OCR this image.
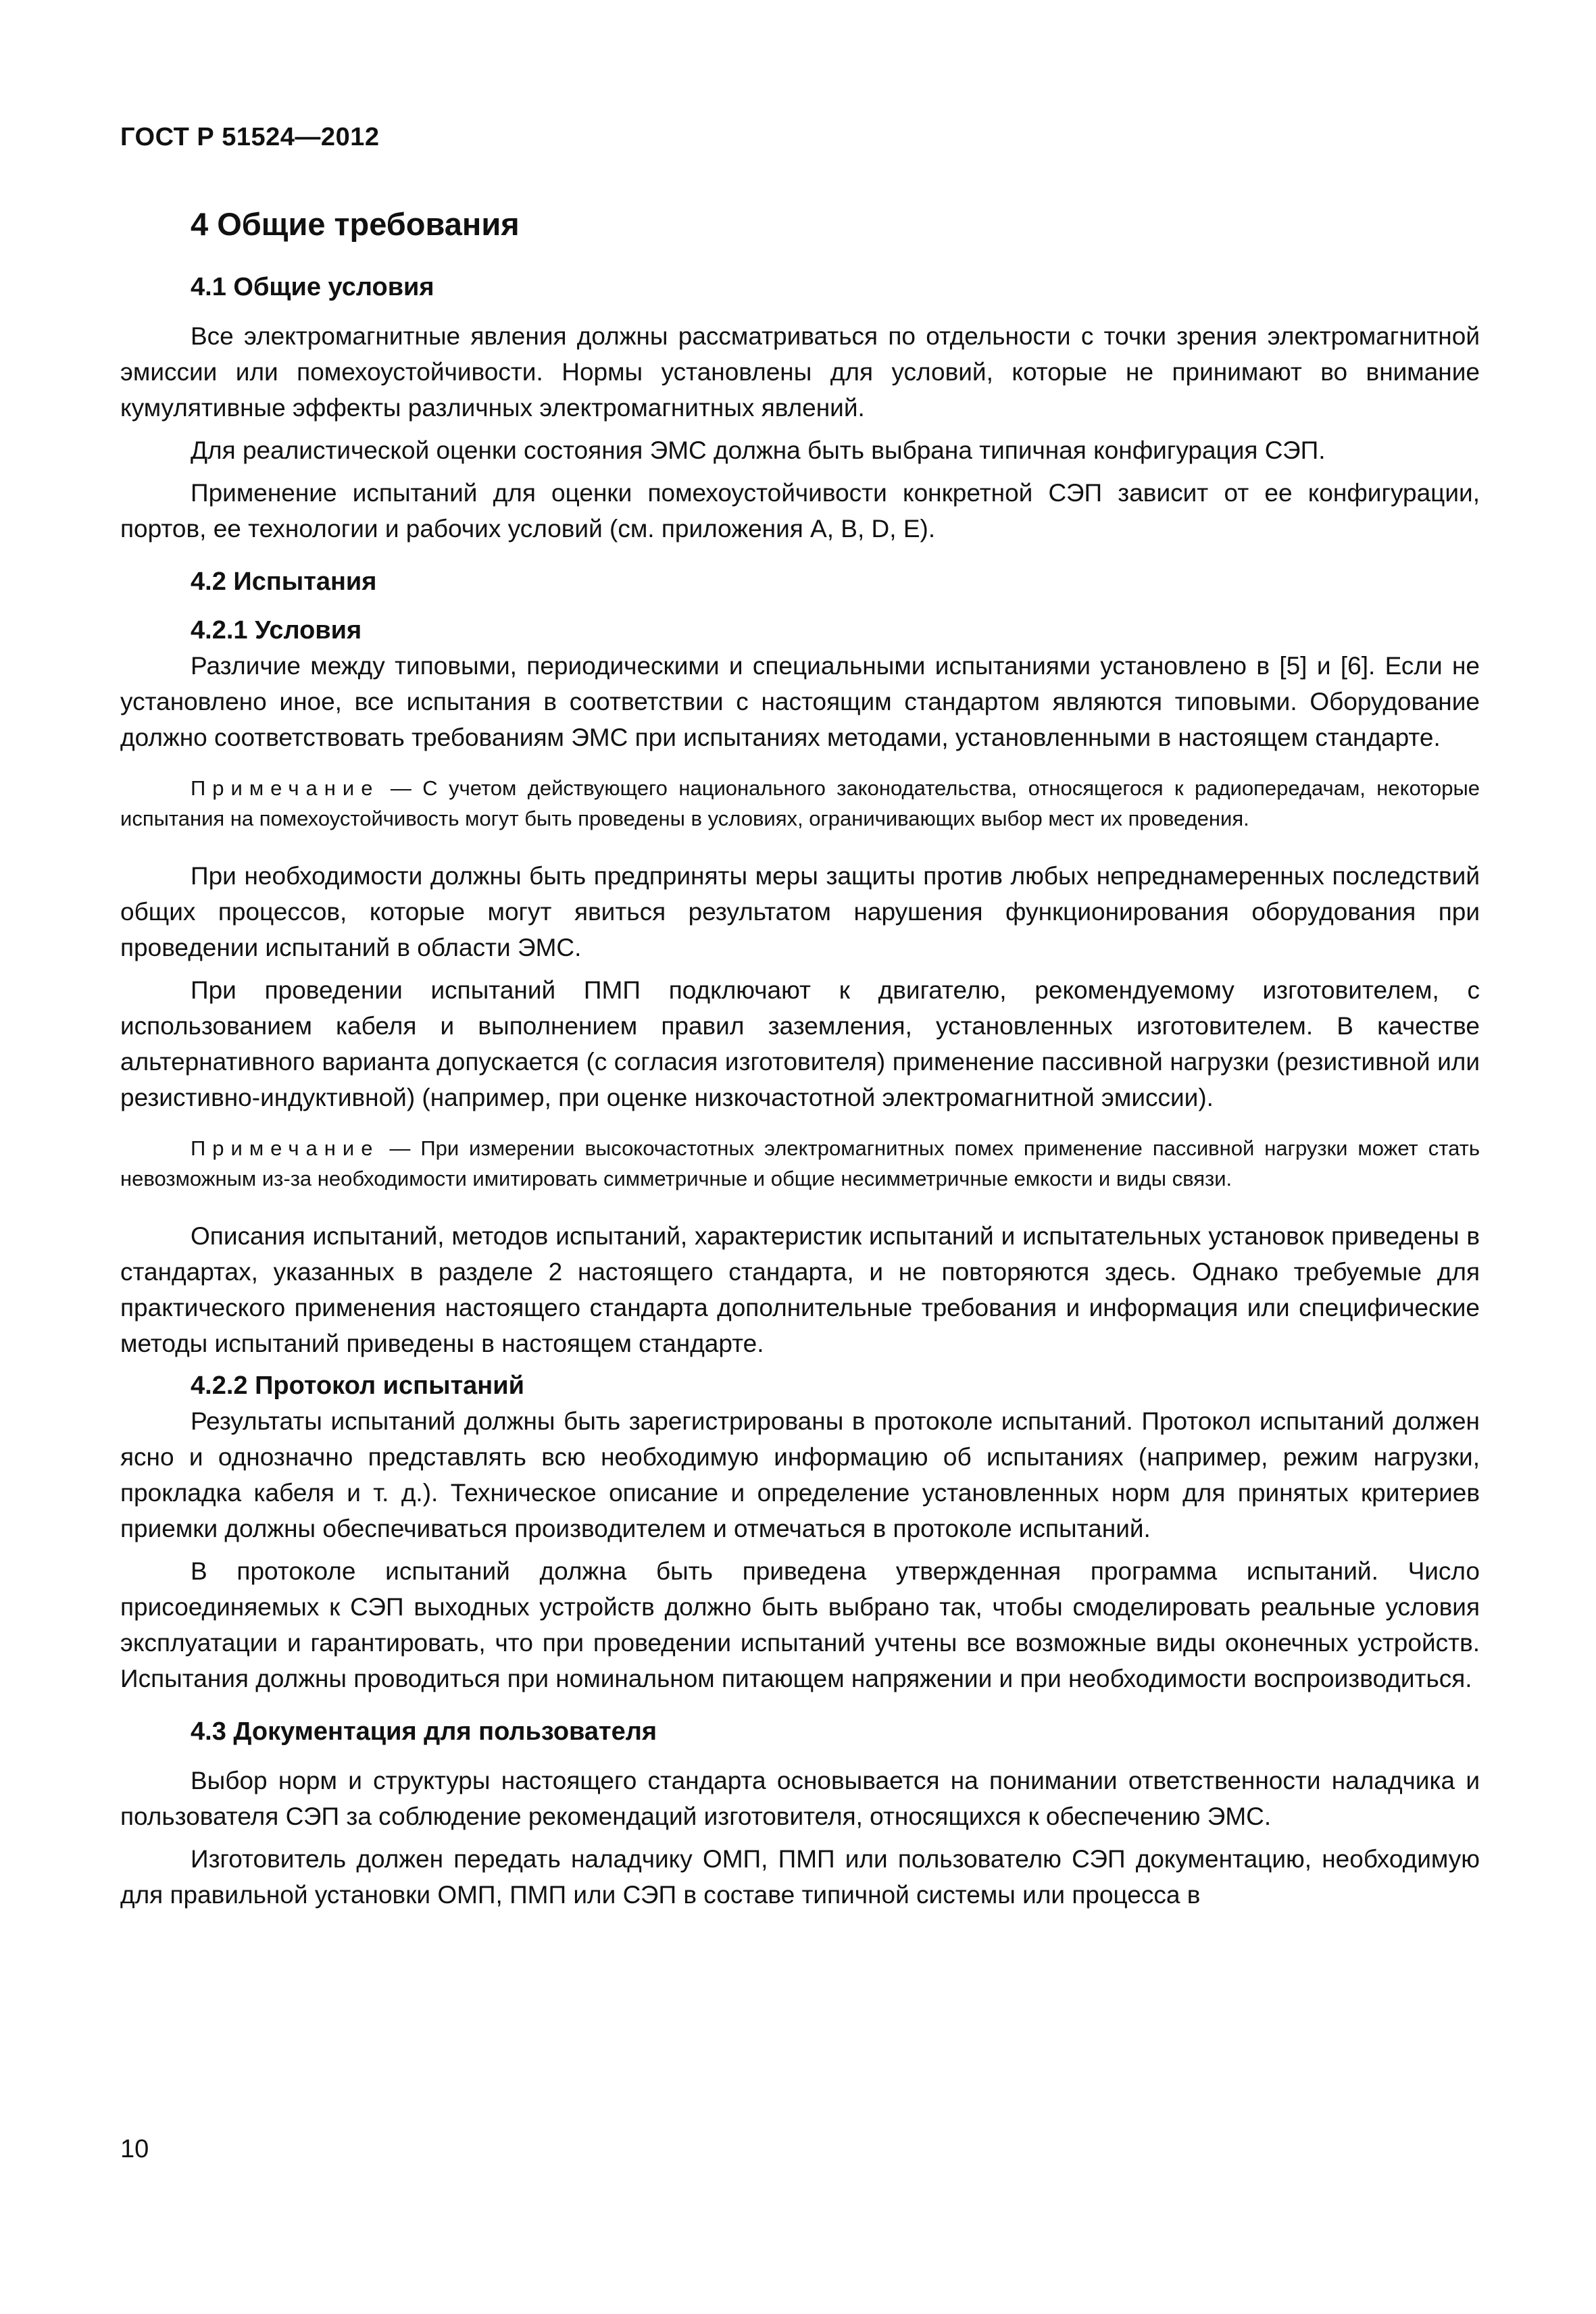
ГОСТ Р 51524—2012
4 Общие требования
4.1 Общие условия

Все электромагнитные явления должны рассматриваться по отдельности с точки зрения электромагнитной эмиссии или помехоустойчивости. Нормы установлены для условий, которые не принимают во внимание кумулятивные эффекты различных электромагнитных явлений.

Для реалистической оценки состояния ЭМС должна быть выбрана типичная конфигурация СЭП.

Применение испытаний для оценки помехоустойчивости конкретной СЭП зависит от ее конфигурации, портов, ее технологии и рабочих условий (см. приложения А, В, D, Е).

4.2 Испытания
4.2.1 Условия

Различие между типовыми, периодическими и специальными испытаниями установлено в [5] и [6]. Если не установлено иное, все испытания в соответствии с настоящим стандартом являются типовыми. Оборудование должно соответствовать требованиям ЭМС при испытаниях методами, установленными в настоящем стандарте.

Примечание — С учетом действующего национального законодательства, относящегося к радиопередачам, некоторые испытания на помехоустойчивость могут быть проведены в условиях, ограничивающих выбор мест их проведения.

При необходимости должны быть предприняты меры защиты против любых непреднамеренных последствий общих процессов, которые могут явиться результатом нарушения функционирования оборудования при проведении испытаний в области ЭМС.

При проведении испытаний ПМП подключают к двигателю, рекомендуемому изготовителем, с использованием кабеля и выполнением правил заземления, установленных изготовителем. В качестве альтернативного варианта допускается (с согласия изготовителя) применение пассивной нагрузки (резистивной или резистивно-индуктивной) (например, при оценке низкочастотной электромагнитной эмиссии).

Примечание — При измерении высокочастотных электромагнитных помех применение пассивной нагрузки может стать невозможным из-за необходимости имитировать симметричные и общие несимметричные емкости и виды связи.

Описания испытаний, методов испытаний, характеристик испытаний и испытательных установок приведены в стандартах, указанных в разделе 2 настоящего стандарта, и не повторяются здесь. Однако требуемые для практического применения настоящего стандарта дополнительные требования и информация или специфические методы испытаний приведены в настоящем стандарте.

4.2.2 Протокол испытаний

Результаты испытаний должны быть зарегистрированы в протоколе испытаний. Протокол испытаний должен ясно и однозначно представлять всю необходимую информацию об испытаниях (например, режим нагрузки, прокладка кабеля и т. д.). Техническое описание и определение установленных норм для принятых критериев приемки должны обеспечиваться производителем и отмечаться в протоколе испытаний.

В протоколе испытаний должна быть приведена утвержденная программа испытаний. Число присоединяемых к СЭП выходных устройств должно быть выбрано так, чтобы смоделировать реальные условия эксплуатации и гарантировать, что при проведении испытаний учтены все возможные виды оконечных устройств. Испытания должны проводиться при номинальном питающем напряжении и при необходимости воспроизводиться.

4.3 Документация для пользователя

Выбор норм и структуры настоящего стандарта основывается на понимании ответственности наладчика и пользователя СЭП за соблюдение рекомендаций изготовителя, относящихся к обеспечению ЭМС.

Изготовитель должен передать наладчику ОМП, ПМП или пользователю СЭП документацию, необходимую для правильной установки ОМП, ПМП или СЭП в составе типичной системы или процесса в

10
